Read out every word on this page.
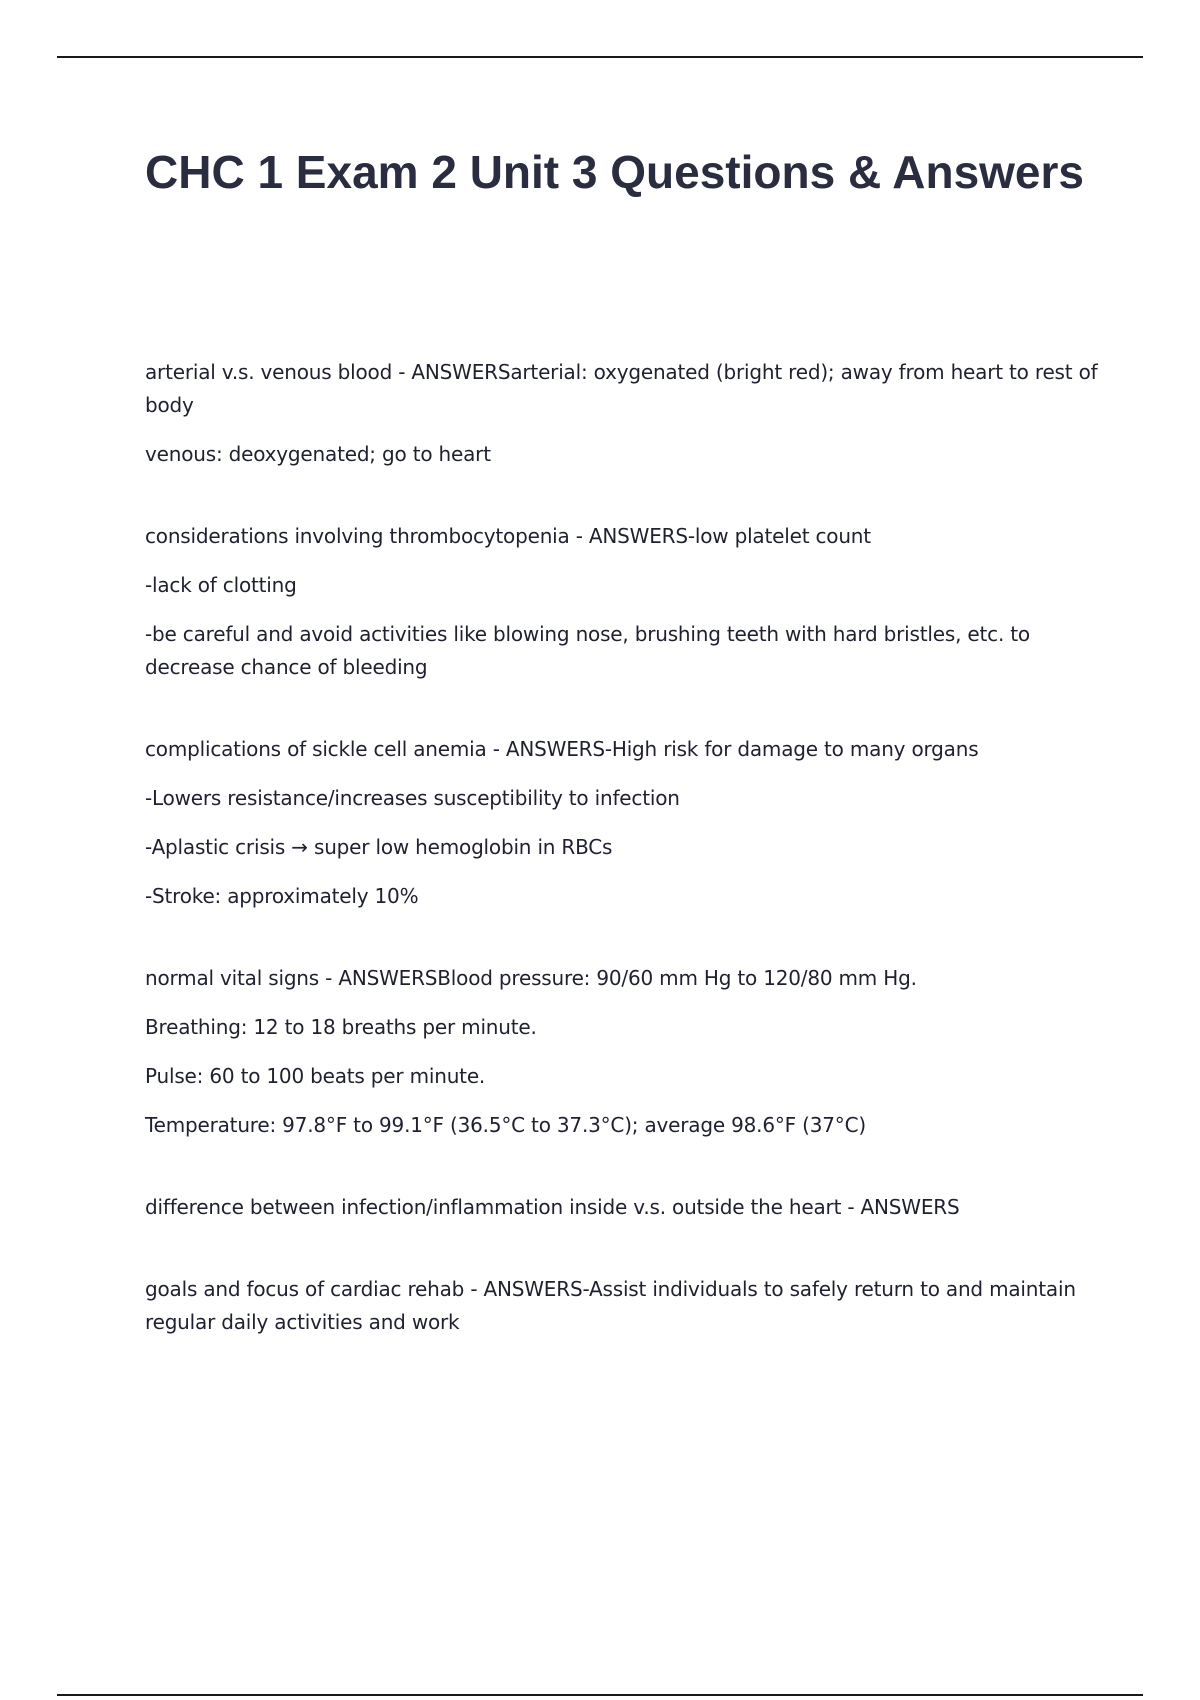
CHC 1 Exam 2 Unit 3 Questions & Answers

arterial v.s. venous blood - ANSWERSarterial: oxygenated (bright red); away from heart to rest of body

venous: deoxygenated; go to heart

considerations involving thrombocytopenia - ANSWERS-low platelet count

-lack of clotting

-be careful and avoid activities like blowing nose, brushing teeth with hard bristles, etc. to decrease chance of bleeding

complications of sickle cell anemia - ANSWERS-High risk for damage to many organs

-Lowers resistance/increases susceptibility to infection

-Aplastic crisis → super low hemoglobin in RBCs

-Stroke: approximately 10%

normal vital signs - ANSWERSBlood pressure: 90/60 mm Hg to 120/80 mm Hg.

Breathing: 12 to 18 breaths per minute.

Pulse: 60 to 100 beats per minute.

Temperature: 97.8°F to 99.1°F (36.5°C to 37.3°C); average 98.6°F (37°C)

difference between infection/inflammation inside v.s. outside the heart - ANSWERS

goals and focus of cardiac rehab - ANSWERS-Assist individuals to safely return to and maintain regular daily activities and work
